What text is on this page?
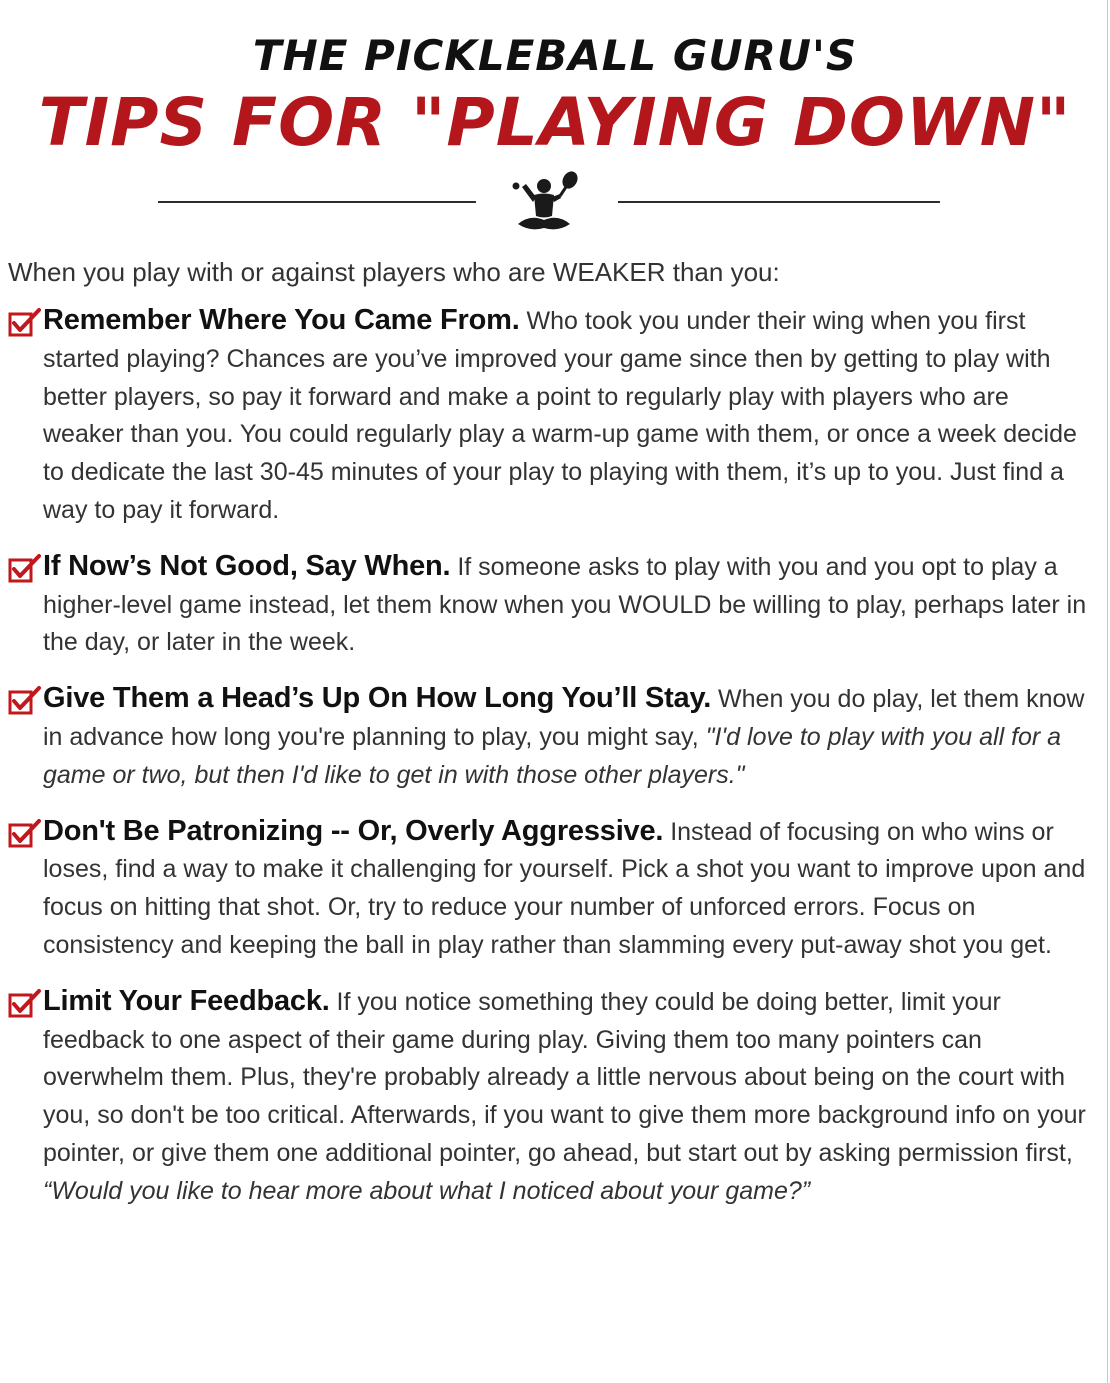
THE PICKLEBALL GURU'S
TIPS FOR "PLAYING DOWN"
When you play with or against players who are WEAKER than you:
Remember Where You Came From. Who took you under their wing when you first started playing? Chances are you’ve improved your game since then by getting to play with better players, so pay it forward and make a point to regularly play with players who are weaker than you. You could regularly play a warm-up game with them, or once a week decide to dedicate the last 30-45 minutes of your play to playing with them, it’s up to you. Just find a way to pay it forward.
If Now’s Not Good, Say When. If someone asks to play with you and you opt to play a higher-level game instead, let them know when you WOULD be willing to play, perhaps later in the day, or later in the week.
Give Them a Head’s Up On How Long You’ll Stay. When you do play, let them know in advance how long you're planning to play, you might say, "I'd love to play with you all for a game or two, but then I'd like to get in with those other players."
Don't Be Patronizing -- Or, Overly Aggressive. Instead of focusing on who wins or loses, find a way to make it challenging for yourself. Pick a shot you want to improve upon and focus on hitting that shot. Or, try to reduce your number of unforced errors. Focus on consistency and keeping the ball in play rather than slamming every put-away shot you get.
Limit Your Feedback. If you notice something they could be doing better, limit your feedback to one aspect of their game during play. Giving them too many pointers can overwhelm them. Plus, they're probably already a little nervous about being on the court with you, so don't be too critical. Afterwards, if you want to give them more background info on your pointer, or give them one additional pointer, go ahead, but start out by asking permission first, “Would you like to hear more about what I noticed about your game?”
